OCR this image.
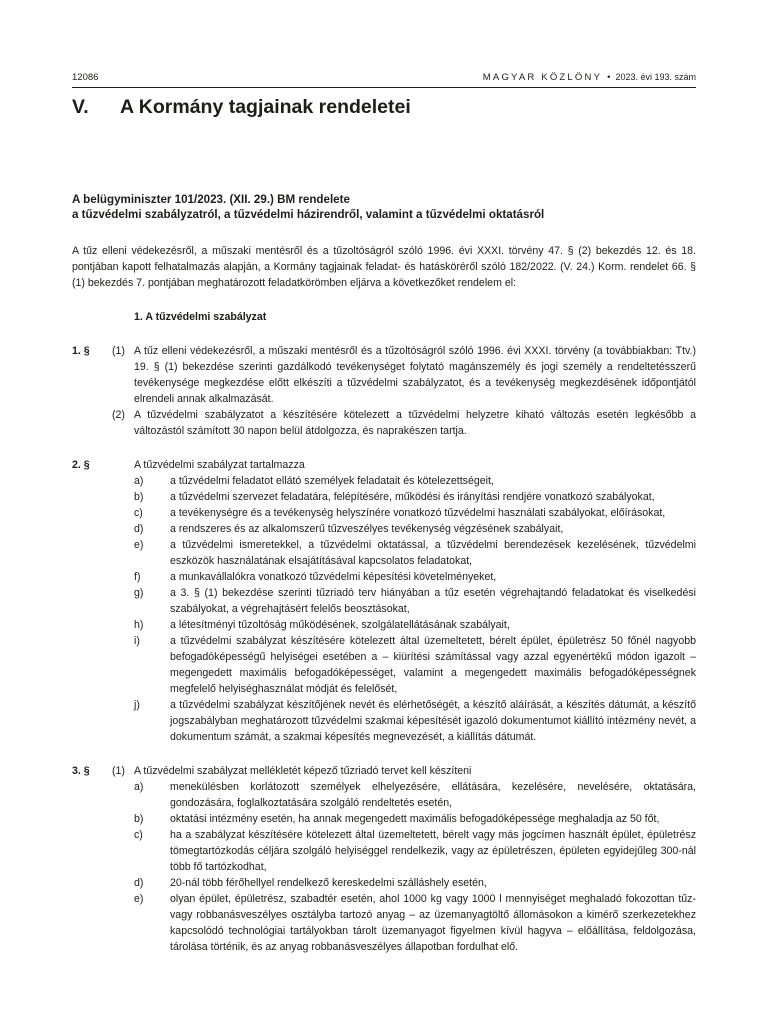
12086	MAGYAR KÖZLÖNY • 2023. évi 193. szám
V.	A Kormány tagjainak rendeletei
A belügyminiszter 101/2023. (XII. 29.) BM rendelete
a tűzvédelmi szabályzatról, a tűzvédelmi házirendről, valamint a tűzvédelmi oktatásról
A tűz elleni védekezésről, a műszaki mentésről és a tűzoltóságról szóló 1996. évi XXXI. törvény 47. § (2) bekezdés 12. és 18. pontjában kapott felhatalmazás alapján, a Kormány tagjainak feladat- és hatásköréről szóló 182/2022. (V. 24.) Korm. rendelet 66. § (1) bekezdés 7. pontjában meghatározott feladatkörömben eljárva a következőket rendelem el:
1. A tűzvédelmi szabályzat
1. §	(1) A tűz elleni védekezésről, a műszaki mentésről és a tűzoltóságról szóló 1996. évi XXXI. törvény (a továbbiakban: Ttv.) 19. § (1) bekezdése szerinti gazdálkodó tevékenységet folytató magánszemély és jogi személy a rendeltetésszerű tevékenysége megkezdése előtt elkészíti a tűzvédelmi szabályzatot, és a tevékenység megkezdésének időpontjától elrendeli annak alkalmazását.
(2) A tűzvédelmi szabályzatot a készítésére kötelezett a tűzvédelmi helyzetre kiható változás esetén legkésőbb a változástól számított 30 napon belül átdolgozza, és naprakészen tartja.
2. §	A tűzvédelmi szabályzat tartalmazza
a)	a tűzvédelmi feladatot ellátó személyek feladatait és kötelezettségeit,
b)	a tűzvédelmi szervezet feladatára, felépítésére, működési és irányítási rendjére vonatkozó szabályokat,
c)	a tevékenységre és a tevékenység helyszínére vonatkozó tűzvédelmi használati szabályokat, előírásokat,
d)	a rendszeres és az alkalomszerű tűzveszélyes tevékenység végzésének szabályait,
e)	a tűzvédelmi ismeretekkel, a tűzvédelmi oktatással, a tűzvédelmi berendezések kezelésének, tűzvédelmi eszközök használatának elsajátításával kapcsolatos feladatokat,
f)	a munkavállalókra vonatkozó tűzvédelmi képesítési követelményeket,
g)	a 3. § (1) bekezdése szerinti tűzriadó terv hiányában a tűz esetén végrehajtandó feladatokat és viselkedési szabályokat, a végrehajtásért felelős beosztásokat,
h)	a létesítményi tűzoltóság működésének, szolgálatellátásának szabályait,
i)	a tűzvédelmi szabályzat készítésére kötelezett által üzemeltetett, bérelt épület, épületrész 50 főnél nagyobb befogadóképességű helyiségei esetében a – kiürítési számítással vagy azzal egyenértékű módon igazolt – megengedett maximális befogadóképességet, valamint a megengedett maximális befogadóképességnek megfelelő helyiséghasználat módját és felelősét,
j)	a tűzvédelmi szabályzat készítőjének nevét és elérhetőségét, a készítő aláírását, a készítés dátumát, a készítő jogszabályban meghatározott tűzvédelmi szakmai képesítését igazoló dokumentumot kiállító intézmény nevét, a dokumentum számát, a szakmai képesítés megnevezését, a kiállítás dátumát.
3. §	(1) A tűzvédelmi szabályzat mellékletét képező tűzriadó tervet kell készíteni
a)	menekülésben korlátozott személyek elhelyezésére, ellátására, kezelésére, nevelésére, oktatására, gondozására, foglalkoztatására szolgáló rendeltetés esetén,
b)	oktatási intézmény esetén, ha annak megengedett maximális befogadóképessége meghaladja az 50 főt,
c)	ha a szabályzat készítésére kötelezett által üzemeltetett, bérelt vagy más jogcímen használt épület, épületrész tömegtartózkodás céljára szolgáló helyiséggel rendelkezik, vagy az épületrészen, épületen egyidejűleg 300-nál több fő tartózkodhat,
d)	20-nál több férőhellyel rendelkező kereskedelmi szálláshely esetén,
e)	olyan épület, épületrész, szabadtér esetén, ahol 1000 kg vagy 1000 l mennyiséget meghaladó fokozottan tűz-vagy robbanásveszélyes osztályba tartozó anyag – az üzemanyagtöltő állomásokon a kimérő szerkezetekhez kapcsolódó technológiai tartályokban tárolt üzemanyagot figyelmen kívül hagyva – előállítása, feldolgozása, tárolása történik, és az anyag robbanásveszélyes állapotban fordulhat elő.
